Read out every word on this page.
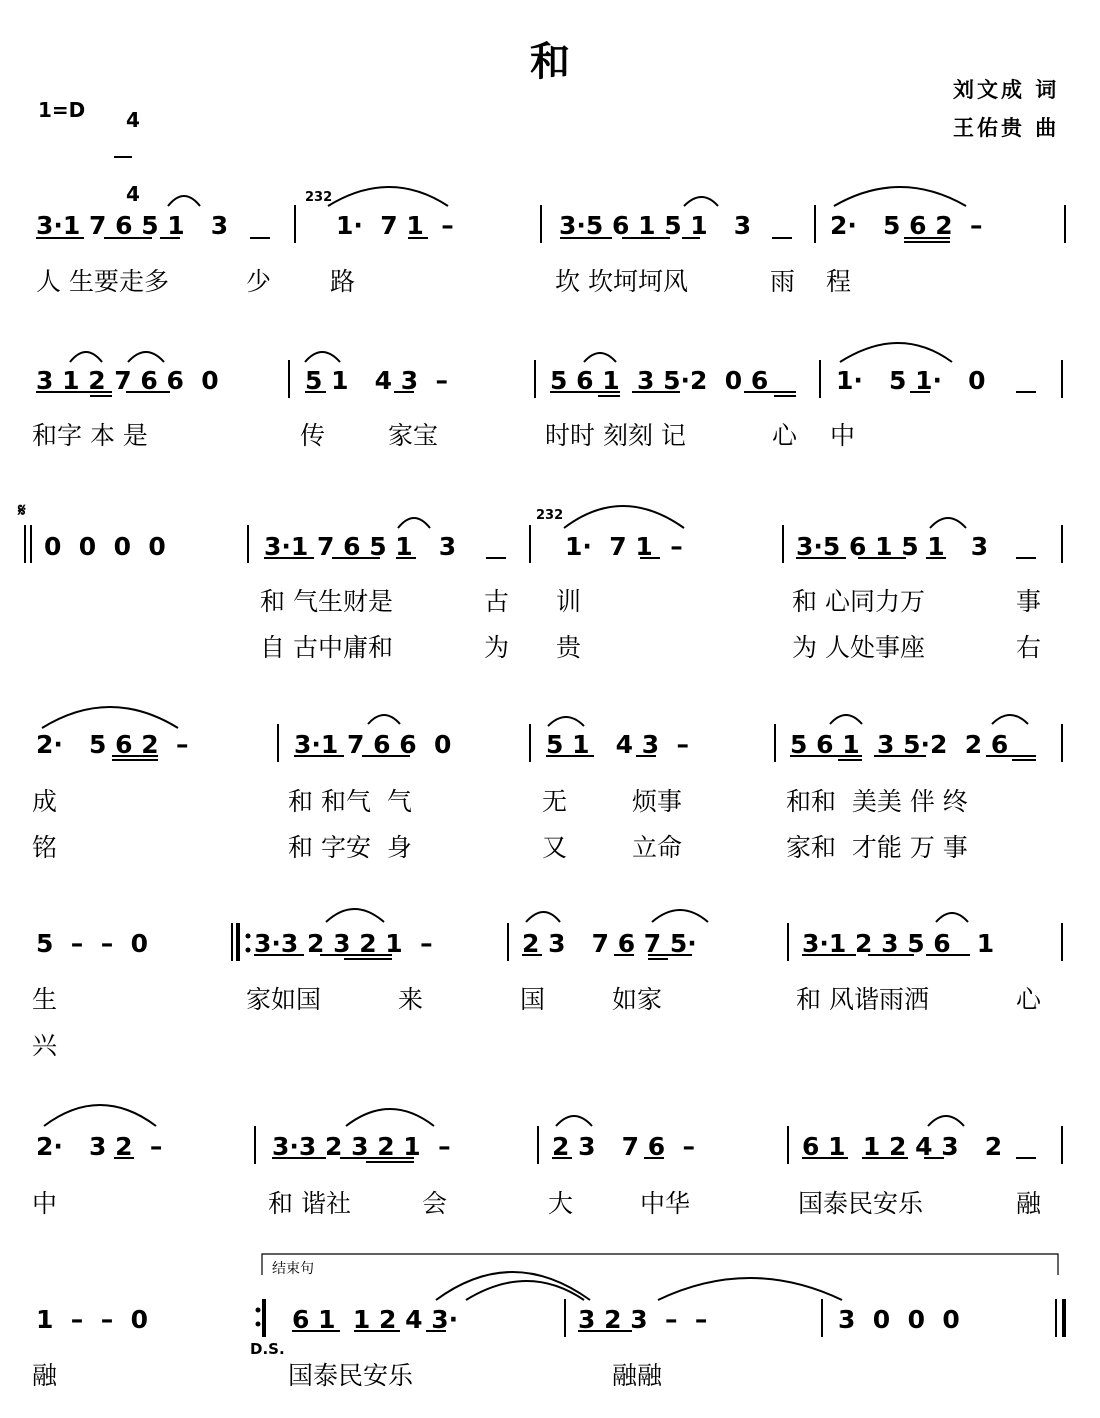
和
1=D	4

4

刘文成 词
王佑贵 曲
3·1 7 6 5 1   3	1·  7 1  –	3·5 6 1 5 1   3	2·   5 6 2  –
人 生要走多	少 路	坎 坎坷坷风	雨 程
232
3 1 2 7 6 6  0	5 1   4 3  –	5 6 1  3 5·2  0 6	1·   5 1·   0
和字 本 是	传	家宝	时时 刻刻 记	心 中
𝄋
0  0  0  0	3·1 7 6 5 1   3	1·  7 1  –	3·5 6 1 5 1   3
232
和 气生财是	古 训	和 心同力万	事
自 古中庸和	为 贵	为 人处事座	右
2·   5 6 2  –	3·1 7 6 6  0	5 1   4 3  –	5 6 1  3 5·2  2 6
成	和 和气  气	无	烦事	和和  美美 伴 终
铭	和 字安  身	又	立命	家和  才能 万 事
5  –  –  0	3·3 2 3 2 1  –	2 3   7 6 7 5·	3·1 2 3 5 6   1
生	家如国	来	国	如家	和 风谐雨洒	心
兴
2·   3 2  –	3·3 2 3 2 1  –	2 3   7 6  –	6 1  1 2 4 3   2
中	和 谐社	会	大	中华	国泰民安乐	融
结束句
1  –  –  0	6 1  1 2 4 3·	3 2 3  –  –	3  0  0  0
D.S.
融	国泰民安乐	融融
